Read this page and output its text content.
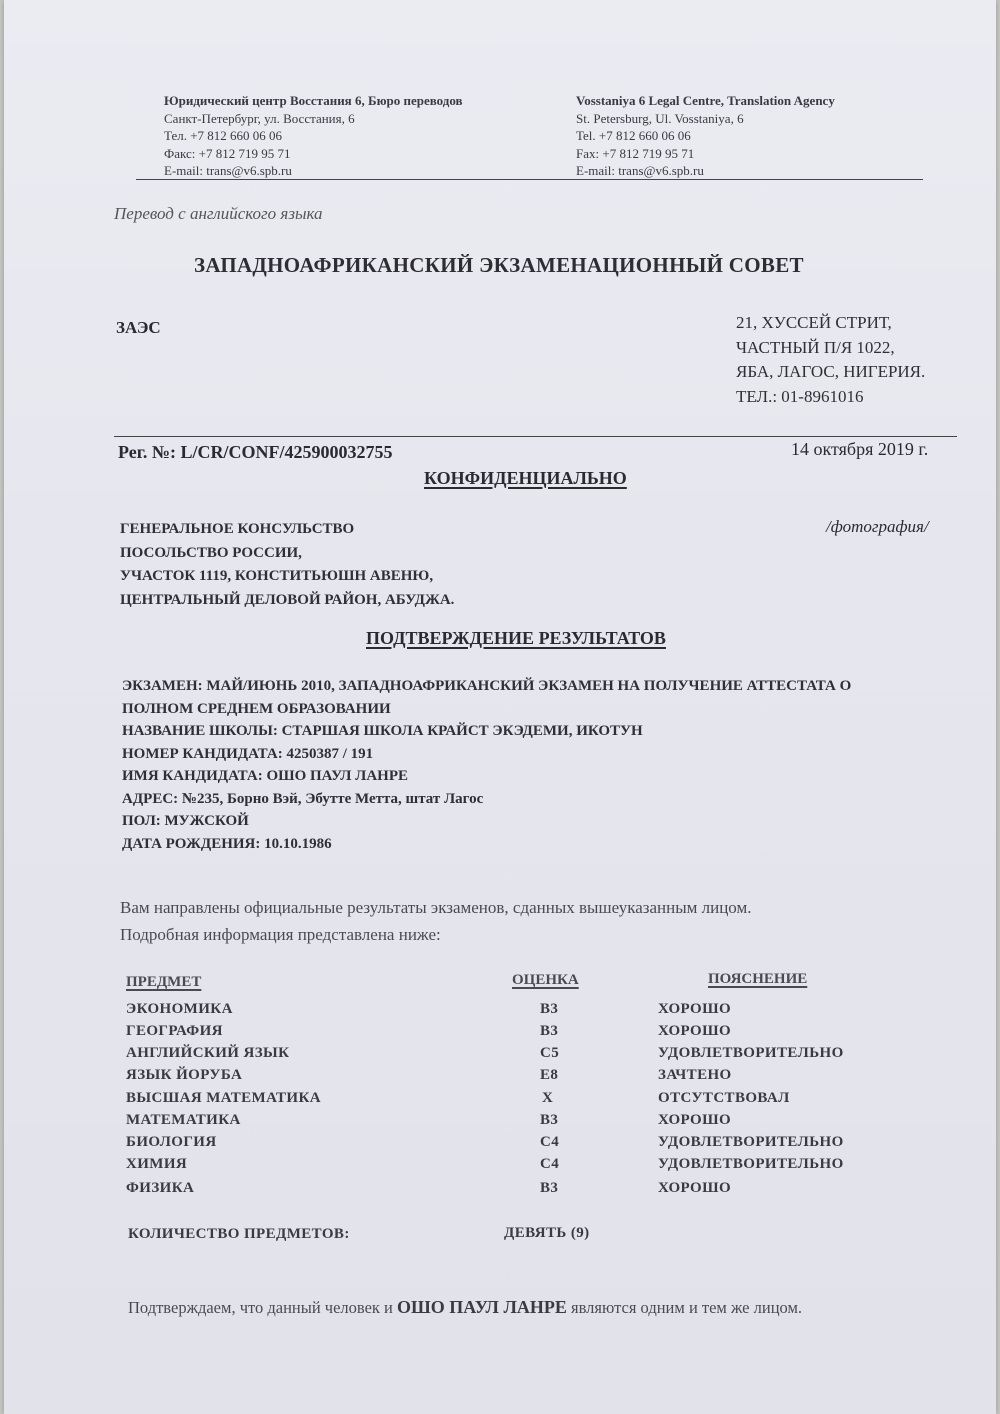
Юридический центр Восстания 6, Бюро переводов
Санкт-Петербург, ул. Восстания, 6
Тел. +7 812 660 06 06
Факс: +7 812 719 95 71
E-mail: trans@v6.spb.ru
Vosstaniya 6 Legal Centre, Translation Agency
St. Petersburg, Ul. Vosstaniya, 6
Tel. +7 812 660 06 06
Fax: +7 812 719 95 71
E-mail: trans@v6.spb.ru
Перевод с английского языка
ЗАПАДНОАФРИКАНСКИЙ ЭКЗАМЕНАЦИОННЫЙ СОВЕТ
ЗАЭС	21, ХУССЕЙ СТРИТ,
ЧАСТНЫЙ П/Я 1022,
ЯБА, ЛАГОС, НИГЕРИЯ.
ТЕЛ.: 01-8961016
Рег. №: L/CR/CONF/425900032755	14 октября 2019 г.
КОНФИДЕНЦИАЛЬНО
ГЕНЕРАЛЬНОЕ КОНСУЛЬСТВО
ПОСОЛЬСТВО РОССИИ,
УЧАСТОК 1119, КОНСТИТЬЮШН АВЕНЮ,
ЦЕНТРАЛЬНЫЙ ДЕЛОВОЙ РАЙОН, АБУДЖА.
/фотография/
ПОДТВЕРЖДЕНИЕ РЕЗУЛЬТАТОВ
ЭКЗАМЕН: МАЙ/ИЮНЬ 2010, ЗАПАДНОАФРИКАНСКИЙ ЭКЗАМЕН НА ПОЛУЧЕНИЕ АТТЕСТАТА О
ПОЛНОМ СРЕДНЕМ ОБРАЗОВАНИИ
НАЗВАНИЕ ШКОЛЫ: СТАРШАЯ ШКОЛА КРАЙСТ ЭКЭДЕМИ, ИКОТУН
НОМЕР КАНДИДАТА: 4250387 / 191
ИМЯ КАНДИДАТА: ОШО ПАУЛ ЛАНРЕ
АДРЕС: №235, Борно Вэй, Эбутте Метта, штат Лагос
ПОЛ: МУЖСКОЙ
ДАТА РОЖДЕНИЯ: 10.10.1986
Вам направлены официальные результаты экзаменов, сданных вышеуказанным лицом.
Подробная информация представлена ниже:
ПРЕДМЕТ	ОЦЕНКА	ПОЯСНЕНИЕ
ЭКОНОМИКА	B3	ХОРОШО
ГЕОГРАФИЯ	B3	ХОРОШО
АНГЛИЙСКИЙ ЯЗЫК	C5	УДОВЛЕТВОРИТЕЛЬНО
ЯЗЫК ЙОРУБА	E8	ЗАЧТЕНО
ВЫСШАЯ МАТЕМАТИКА	X	ОТСУТСТВОВАЛ
МАТЕМАТИКА	B3	ХОРОШО
БИОЛОГИЯ	C4	УДОВЛЕТВОРИТЕЛЬНО
ХИМИЯ	C4	УДОВЛЕТВОРИТЕЛЬНО
ФИЗИКА	B3	ХОРОШО
КОЛИЧЕСТВО ПРЕДМЕТОВ:	ДЕВЯТЬ (9)
Подтверждаем, что данный человек и ОШО ПАУЛ ЛАНРЕ являются одним и тем же лицом.
